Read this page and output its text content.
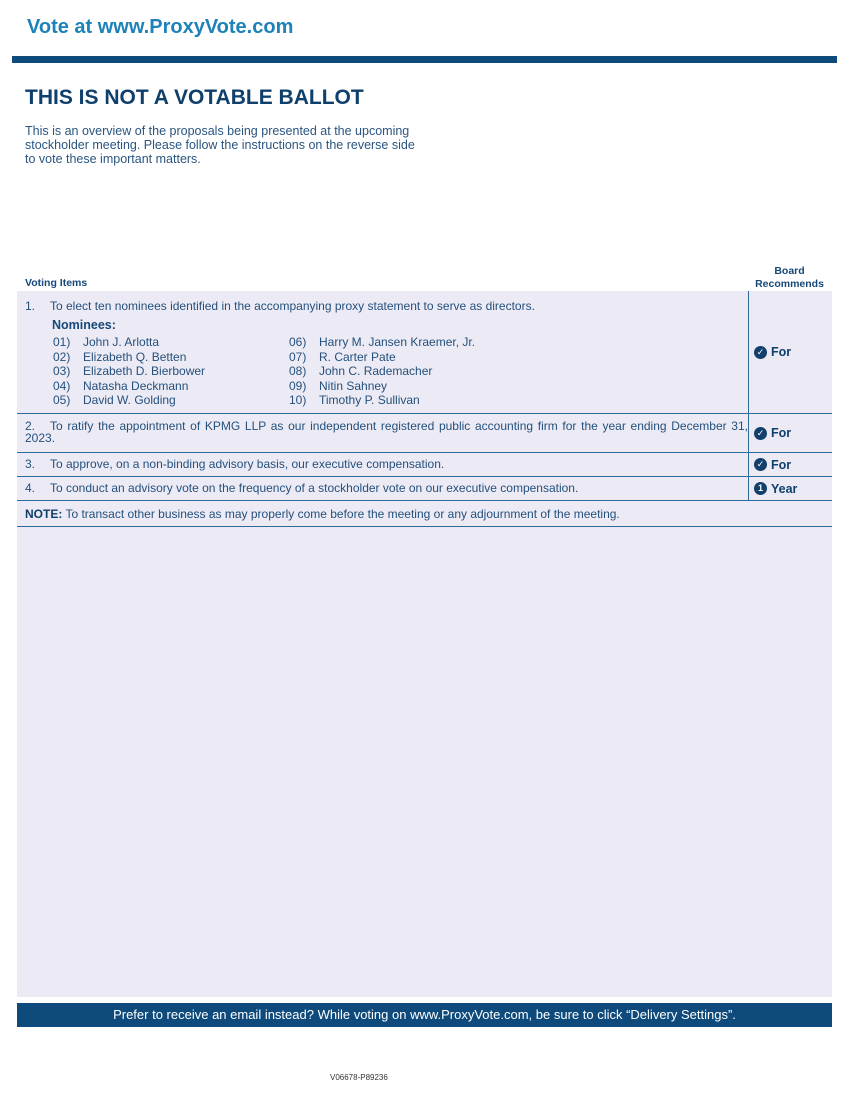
Vote at www.ProxyVote.com
THIS IS NOT A VOTABLE BALLOT

This is an overview of the proposals being presented at the upcoming stockholder meeting. Please follow the instructions on the reverse side to vote these important matters.

Voting Items
Board
Recommends
1. To elect ten nominees identified in the accompanying proxy statement to serve as directors.
Nominees:
01)	John J. Arlotta	06)	Harry M. Jansen Kraemer, Jr.
02)	Elizabeth Q. Betten	07)	R. Carter Pate
03)	Elizabeth D. Bierbower	08)	John C. Rademacher
04)	Natasha Deckmann	09)	Nitin Sahney
05)	David W. Golding	10)	Timothy P. Sullivan
✓ For
2. To ratify the appointment of KPMG LLP as our independent registered public accounting firm for the year ending December 31, 2023.	✓ For
3. To approve, on a non-binding advisory basis, our executive compensation.	✓ For
4. To conduct an advisory vote on the frequency of a stockholder vote on our executive compensation.	1 Year
NOTE: To transact other business as may properly come before the meeting or any adjournment of the meeting.
Prefer to receive an email instead? While voting on www.ProxyVote.com, be sure to click “Delivery Settings”.
V06678-P89236
